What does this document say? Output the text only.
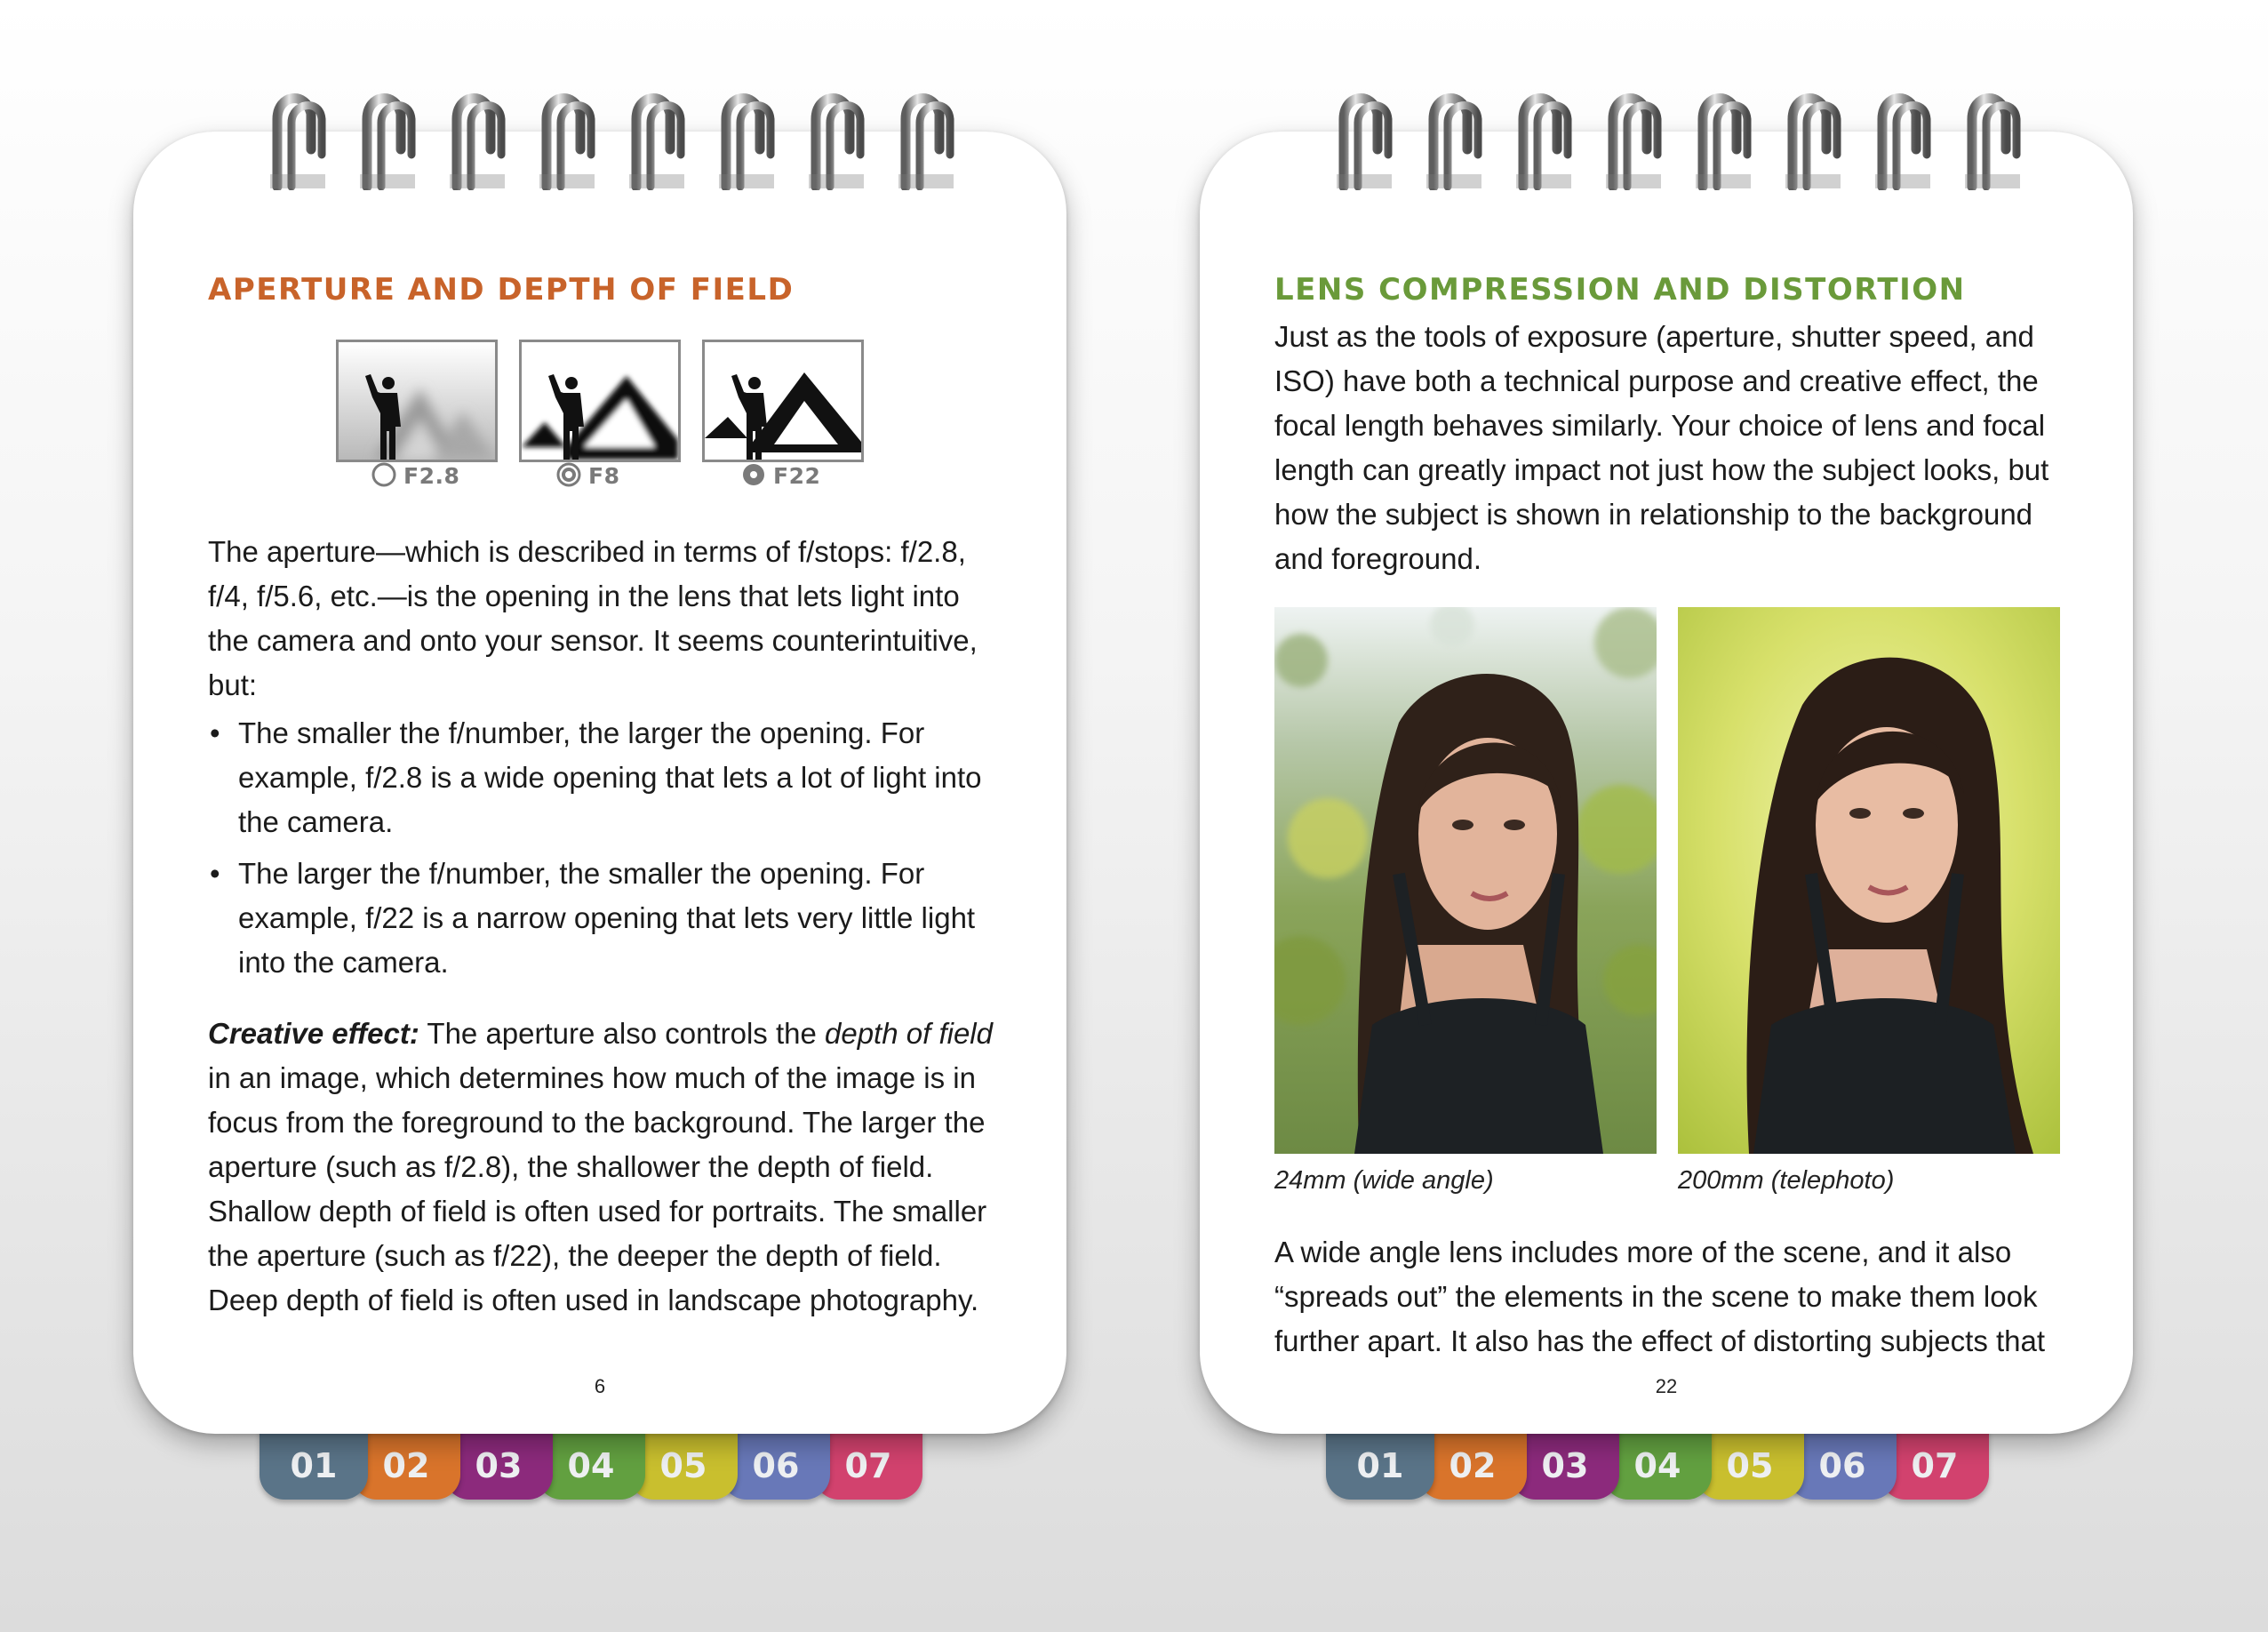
APERTURE AND DEPTH OF FIELD
F2.8	F8	F22

The aperture—which is described in terms of f/stops: f/2.8, f/4, f/5.6, etc.—is the opening in the lens that lets light into the camera and onto your sensor. It seems counterintuitive, but:

• The smaller the f/number, the larger the opening. For example, f/2.8 is a wide opening that lets a lot of light into the camera.
• The larger the f/number, the smaller the opening. For example, f/22 is a narrow opening that lets very little light into the camera.

Creative effect: The aperture also controls the depth of field in an image, which determines how much of the image is in focus from the foreground to the background. The larger the aperture (such as f/2.8), the shallower the depth of field. Shallow depth of field is often used for portraits. The smaller the aperture (such as f/22), the deeper the depth of field. Deep depth of field is often used in landscape photography.

6
01	02	03	04	05	06	07
LENS COMPRESSION AND DISTORTION

Just as the tools of exposure (aperture, shutter speed, and ISO) have both a technical purpose and creative effect, the focal length behaves similarly. Your choice of lens and focal length can greatly impact not just how the subject looks, but how the subject is shown in relationship to the background and foreground.

24mm (wide angle)	200mm (telephoto)

A wide angle lens includes more of the scene, and it also “spreads out” the elements in the scene to make them look further apart. It also has the effect of distorting subjects that

22
01	02	03	04	05	06	07
